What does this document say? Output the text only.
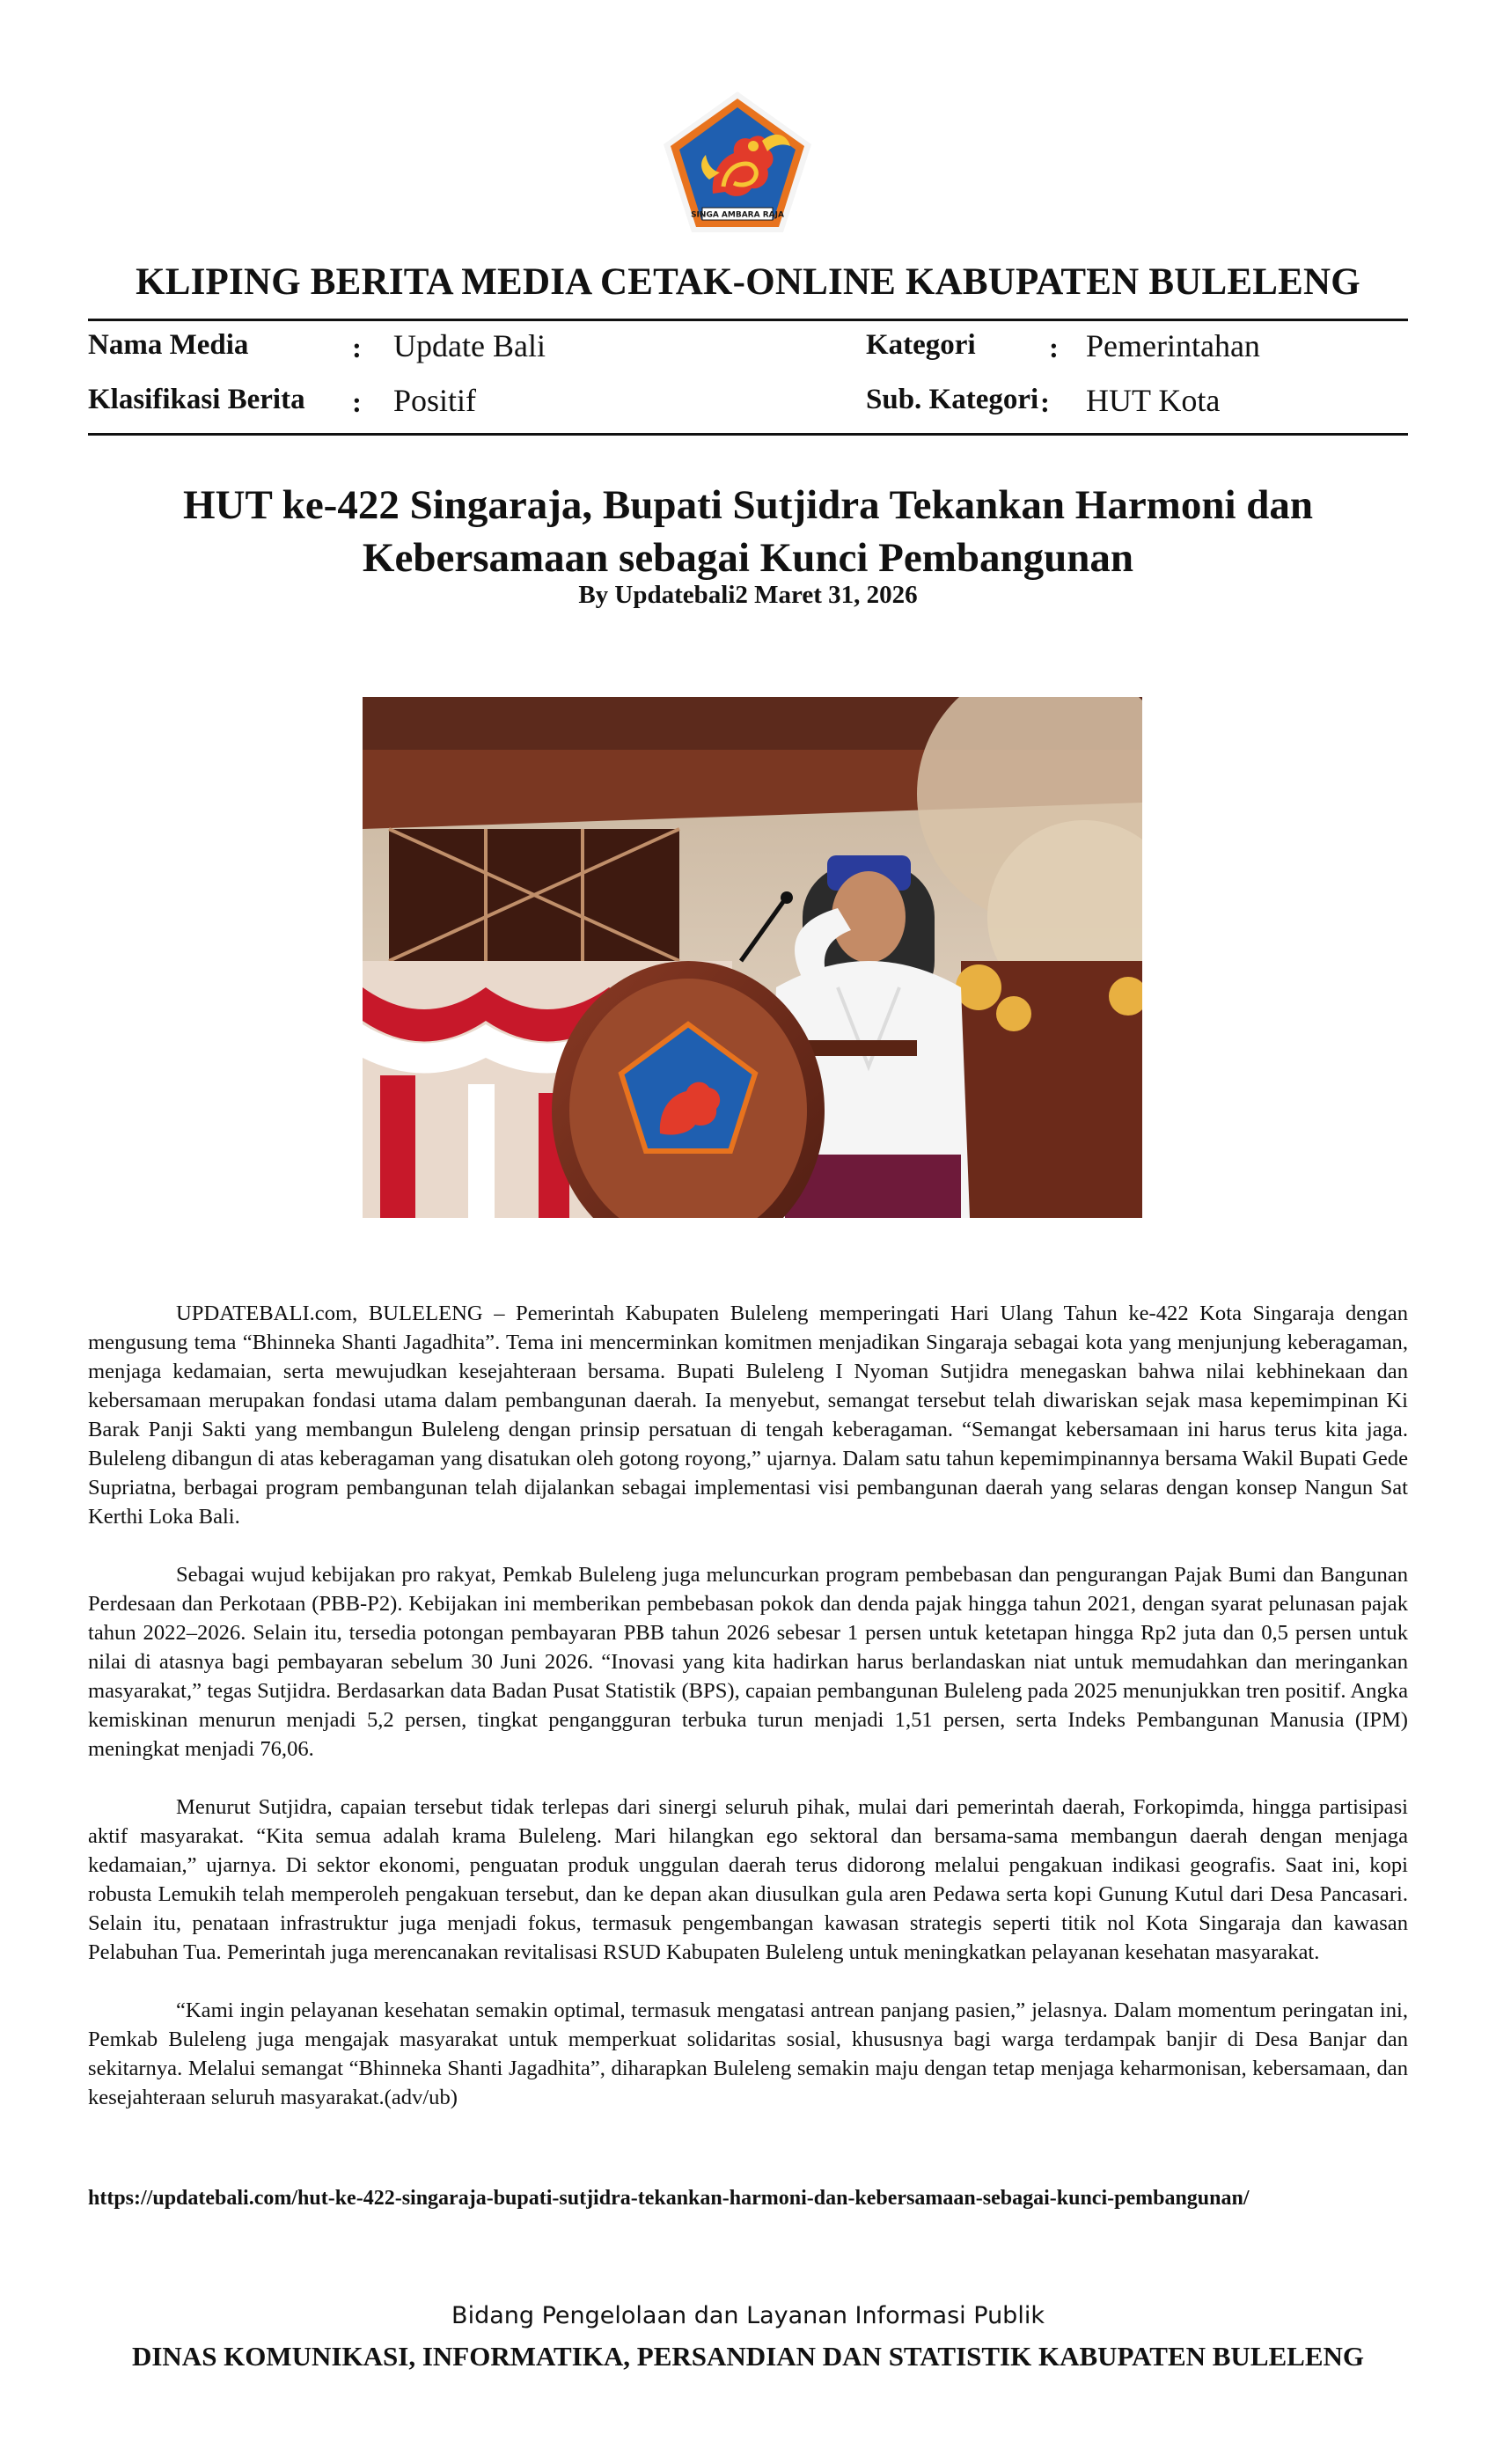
SINGA AMBARA RAJA
KLIPING BERITA MEDIA CETAK-ONLINE KABUPATEN BULELENG
Nama Media	: Update Bali	Kategori	: Pemerintahan
Klasifikasi Berita : Positif	Sub. Kategori : HUT Kota
HUT ke-422 Singaraja, Bupati Sutjidra Tekankan Harmoni dan
Kebersamaan sebagai Kunci Pembangunan
By Updatebali2 Maret 31, 2026

UPDATEBALI.com, BULELENG – Pemerintah Kabupaten Buleleng memperingati Hari Ulang Tahun ke-422 Kota Singaraja dengan mengusung tema “Bhinneka Shanti Jagadhita”. Tema ini mencerminkan komitmen menjadikan Singaraja sebagai kota yang menjunjung keberagaman, menjaga kedamaian, serta mewujudkan kesejahteraan bersama. Bupati Buleleng I Nyoman Sutjidra menegaskan bahwa nilai kebhinekaan dan kebersamaan merupakan fondasi utama dalam pembangunan daerah. Ia menyebut, semangat tersebut telah diwariskan sejak masa kepemimpinan Ki Barak Panji Sakti yang membangun Buleleng dengan prinsip persatuan di tengah keberagaman. “Semangat kebersamaan ini harus terus kita jaga. Buleleng dibangun di atas keberagaman yang disatukan oleh gotong royong,” ujarnya. Dalam satu tahun kepemimpinannya bersama Wakil Bupati Gede Supriatna, berbagai program pembangunan telah dijalankan sebagai implementasi visi pembangunan daerah yang selaras dengan konsep Nangun Sat Kerthi Loka Bali.

Sebagai wujud kebijakan pro rakyat, Pemkab Buleleng juga meluncurkan program pembebasan dan pengurangan Pajak Bumi dan Bangunan Perdesaan dan Perkotaan (PBB-P2). Kebijakan ini memberikan pembebasan pokok dan denda pajak hingga tahun 2021, dengan syarat pelunasan pajak tahun 2022–2026. Selain itu, tersedia potongan pembayaran PBB tahun 2026 sebesar 1 persen untuk ketetapan hingga Rp2 juta dan 0,5 persen untuk nilai di atasnya bagi pembayaran sebelum 30 Juni 2026. “Inovasi yang kita hadirkan harus berlandaskan niat untuk memudahkan dan meringankan masyarakat,” tegas Sutjidra. Berdasarkan data Badan Pusat Statistik (BPS), capaian pembangunan Buleleng pada 2025 menunjukkan tren positif. Angka kemiskinan menurun menjadi 5,2 persen, tingkat pengangguran terbuka turun menjadi 1,51 persen, serta Indeks Pembangunan Manusia (IPM) meningkat menjadi 76,06.

Menurut Sutjidra, capaian tersebut tidak terlepas dari sinergi seluruh pihak, mulai dari pemerintah daerah, Forkopimda, hingga partisipasi aktif masyarakat. “Kita semua adalah krama Buleleng. Mari hilangkan ego sektoral dan bersama-sama membangun daerah dengan menjaga kedamaian,” ujarnya. Di sektor ekonomi, penguatan produk unggulan daerah terus didorong melalui pengakuan indikasi geografis. Saat ini, kopi robusta Lemukih telah memperoleh pengakuan tersebut, dan ke depan akan diusulkan gula aren Pedawa serta kopi Gunung Kutul dari Desa Pancasari. Selain itu, penataan infrastruktur juga menjadi fokus, termasuk pengembangan kawasan strategis seperti titik nol Kota Singaraja dan kawasan Pelabuhan Tua. Pemerintah juga merencanakan revitalisasi RSUD Kabupaten Buleleng untuk meningkatkan pelayanan kesehatan masyarakat.

“Kami ingin pelayanan kesehatan semakin optimal, termasuk mengatasi antrean panjang pasien,” jelasnya. Dalam momentum peringatan ini, Pemkab Buleleng juga mengajak masyarakat untuk memperkuat solidaritas sosial, khususnya bagi warga terdampak banjir di Desa Banjar dan sekitarnya. Melalui semangat “Bhinneka Shanti Jagadhita”, diharapkan Buleleng semakin maju dengan tetap menjaga keharmonisan, kebersamaan, dan kesejahteraan seluruh masyarakat.(adv/ub)

https://updatebali.com/hut-ke-422-singaraja-bupati-sutjidra-tekankan-harmoni-dan-kebersamaan-sebagai-kunci-pembangunan/
Bidang Pengelolaan dan Layanan Informasi Publik
DINAS KOMUNIKASI, INFORMATIKA, PERSANDIAN DAN STATISTIK KABUPATEN BULELENG
